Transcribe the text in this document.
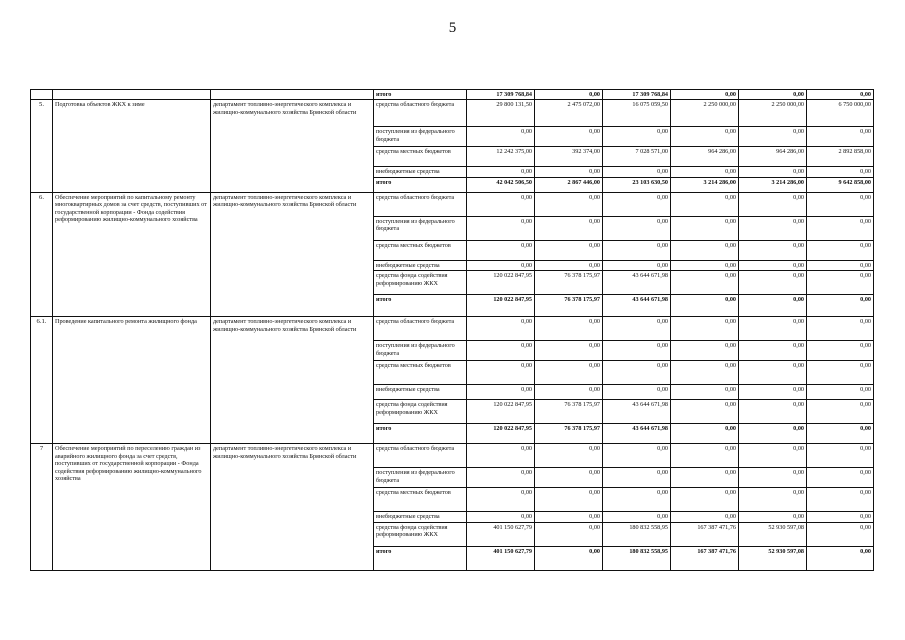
5
			итого	17 309 768,84	0,00	17 309 768,84	0,00	0,00	0,00
5.	Подготовка объектов ЖКХ к зиме	департамент топливно-энергетического комплекса и жилищно-коммунального хозяйства Брянской области	средства областного бюджета	29 800 131,50	2 475 072,00	16 075 059,50	2 250 000,00	2 250 000,00	6 750 000,00
			поступления из федерального бюджета	0,00	0,00	0,00	0,00	0,00	0,00
			средства местных бюджетов	12 242 375,00	392 374,00	7 028 571,00	964 286,00	964 286,00	2 892 858,00
			внебюджетные средства	0,00	0,00	0,00	0,00	0,00	0,00
			итого	42 042 506,50	2 867 446,00	23 103 630,50	3 214 286,00	3 214 286,00	9 642 858,00
6.	Обеспечение мероприятий по капитальному ремонту многоквартирных домов за счет средств, поступивших от государственной корпорации - Фонда содействия реформированию жилищно-коммунального хозяйства	департамент топливно-энергетического комплекса и жилищно-коммунального хозяйства Брянской области	средства областного бюджета	0,00	0,00	0,00	0,00	0,00	0,00
			поступления из федерального бюджета	0,00	0,00	0,00	0,00	0,00	0,00
			средства местных бюджетов	0,00	0,00	0,00	0,00	0,00	0,00
			внебюджетные средства	0,00	0,00	0,00	0,00	0,00	0,00
			средства фонда содействия реформированию ЖКХ	120 022 847,95	76 378 175,97	43 644 671,98	0,00	0,00	0,00
			итого	120 022 847,95	76 378 175,97	43 644 671,98	0,00	0,00	0,00
6.1.	Проведение капитального ремонта жилищного фонда	департамент топливно-энергетического комплекса и жилищно-коммунального хозяйства Брянской области	средства областного бюджета	0,00	0,00	0,00	0,00	0,00	0,00
			поступления из федерального бюджета	0,00	0,00	0,00	0,00	0,00	0,00
			средства местных бюджетов	0,00	0,00	0,00	0,00	0,00	0,00
			внебюджетные средства	0,00	0,00	0,00	0,00	0,00	0,00
			средства фонда содействия реформированию ЖКХ	120 022 847,95	76 378 175,97	43 644 671,98	0,00	0,00	0,00
			итого	120 022 847,95	76 378 175,97	43 644 671,98	0,00	0,00	0,00
7	Обеспечение мероприятий по переселению граждан из аварийного жилищного фонда за счет средств, поступивших от государственной корпорации - Фонда содействия реформированию жилищно-коммунального хозяйства	департамент топливно-энергетического комплекса и жилищно-коммунального хозяйства Брянской области	средства областного бюджета	0,00	0,00	0,00	0,00	0,00	0,00
			поступления из федерального бюджета	0,00	0,00	0,00	0,00	0,00	0,00
			средства местных бюджетов	0,00	0,00	0,00	0,00	0,00	0,00
			внебюджетные средства	0,00	0,00	0,00	0,00	0,00	0,00
			средства фонда содействия реформированию ЖКХ	401 150 627,79	0,00	180 832 558,95	167 387 471,76	52 930 597,08	0,00
			итого	401 150 627,79	0,00	180 832 558,95	167 387 471,76	52 930 597,08	0,00
